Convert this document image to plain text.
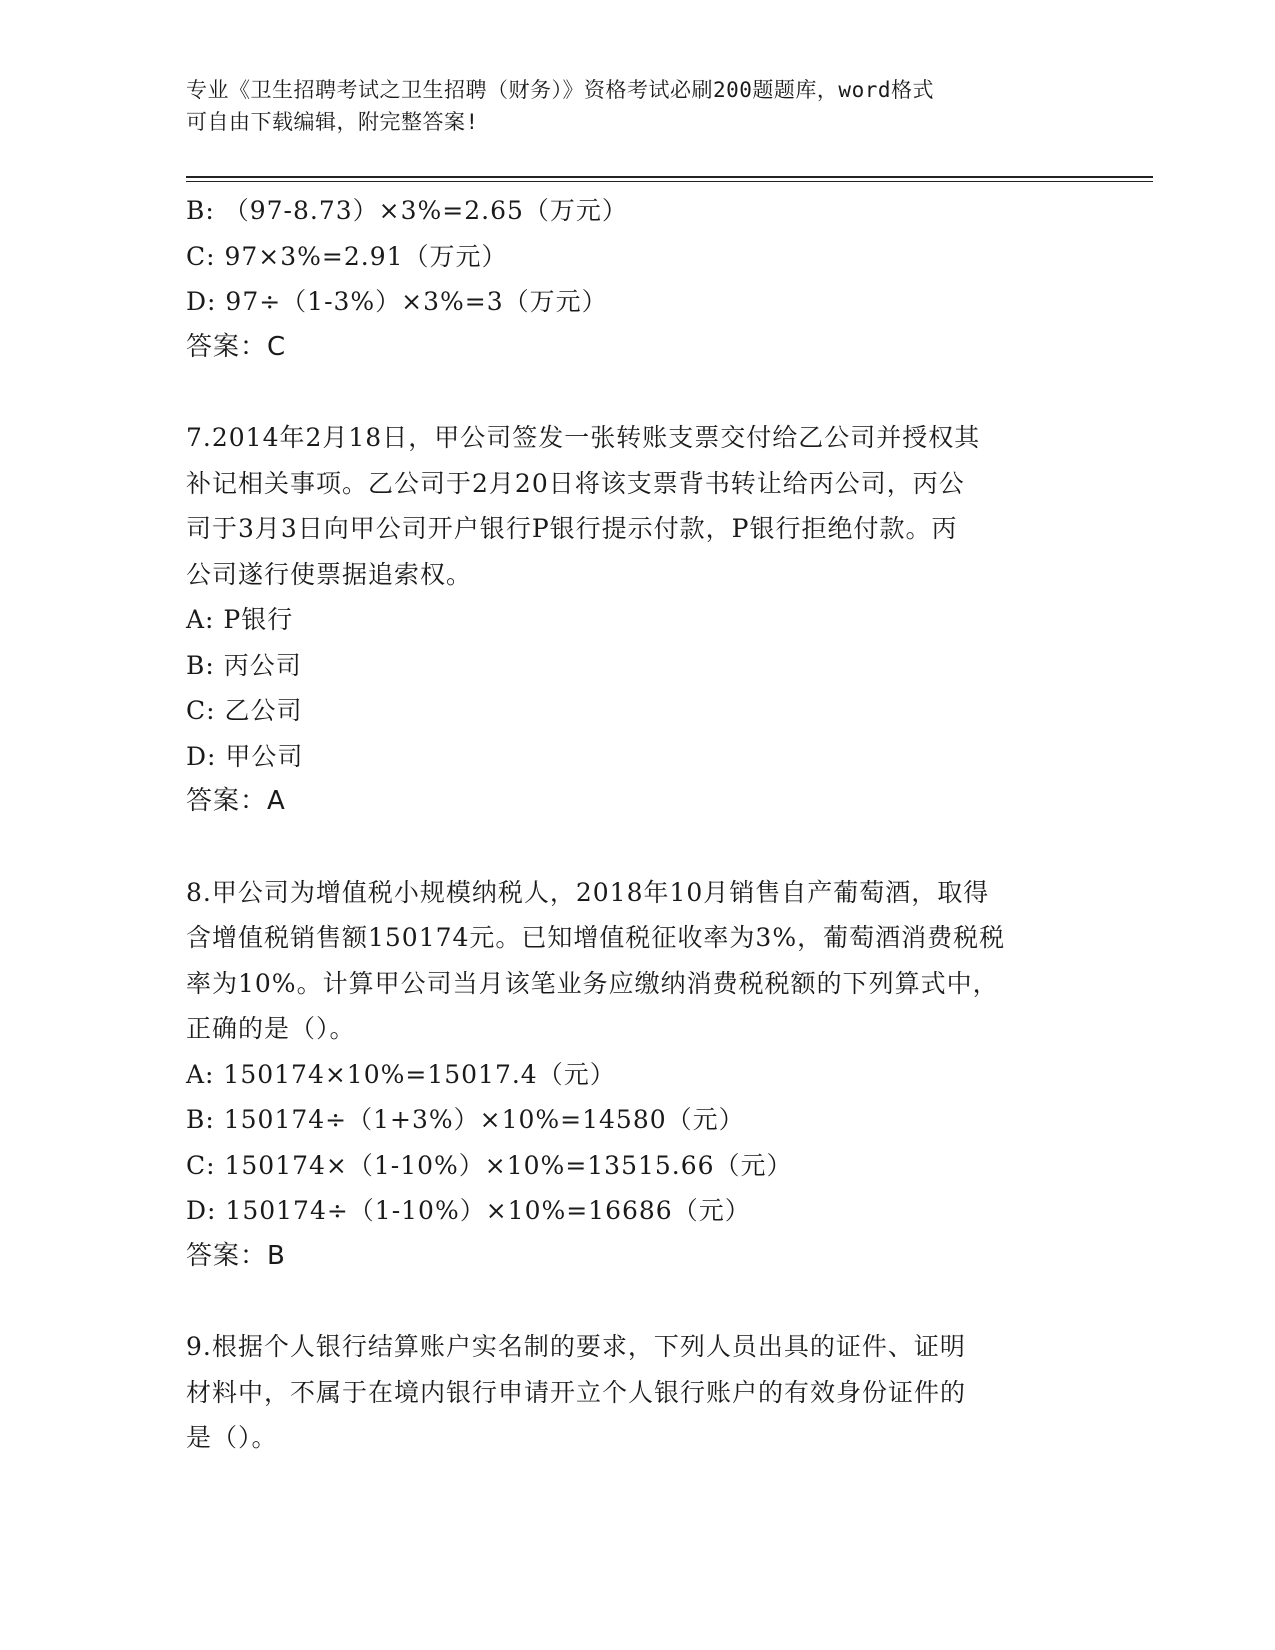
专业《卫生招聘考试之卫生招聘（财务）》资格考试必刷200题题库，word格式
可自由下载编辑，附完整答案!
B: （97-8.73）×3%=2.65（万元）
C: 97×3%=2.91（万元）
D: 97÷（1-3%）×3%=3（万元）
答案：C
7.2014年2月18日，甲公司签发一张转账支票交付给乙公司并授权其
补记相关事项。乙公司于2月20日将该支票背书转让给丙公司，丙公
司于3月3日向甲公司开户银行P银行提示付款，P银行拒绝付款。丙
公司遂行使票据追索权。
A: P银行
B: 丙公司
C: 乙公司
D: 甲公司
答案：A
8.甲公司为增值税小规模纳税人，2018年10月销售自产葡萄酒，取得
含增值税销售额150174元。已知增值税征收率为3%，葡萄酒消费税税
率为10%。计算甲公司当月该笔业务应缴纳消费税税额的下列算式中，
正确的是（）。
A: 150174×10%=15017.4（元）
B: 150174÷（1+3%）×10%=14580（元）
C: 150174×（1-10%）×10%=13515.66（元）
D: 150174÷（1-10%）×10%=16686（元）
答案：B
9.根据个人银行结算账户实名制的要求，下列人员出具的证件、证明
材料中，不属于在境内银行申请开立个人银行账户的有效身份证件的
是（）。
